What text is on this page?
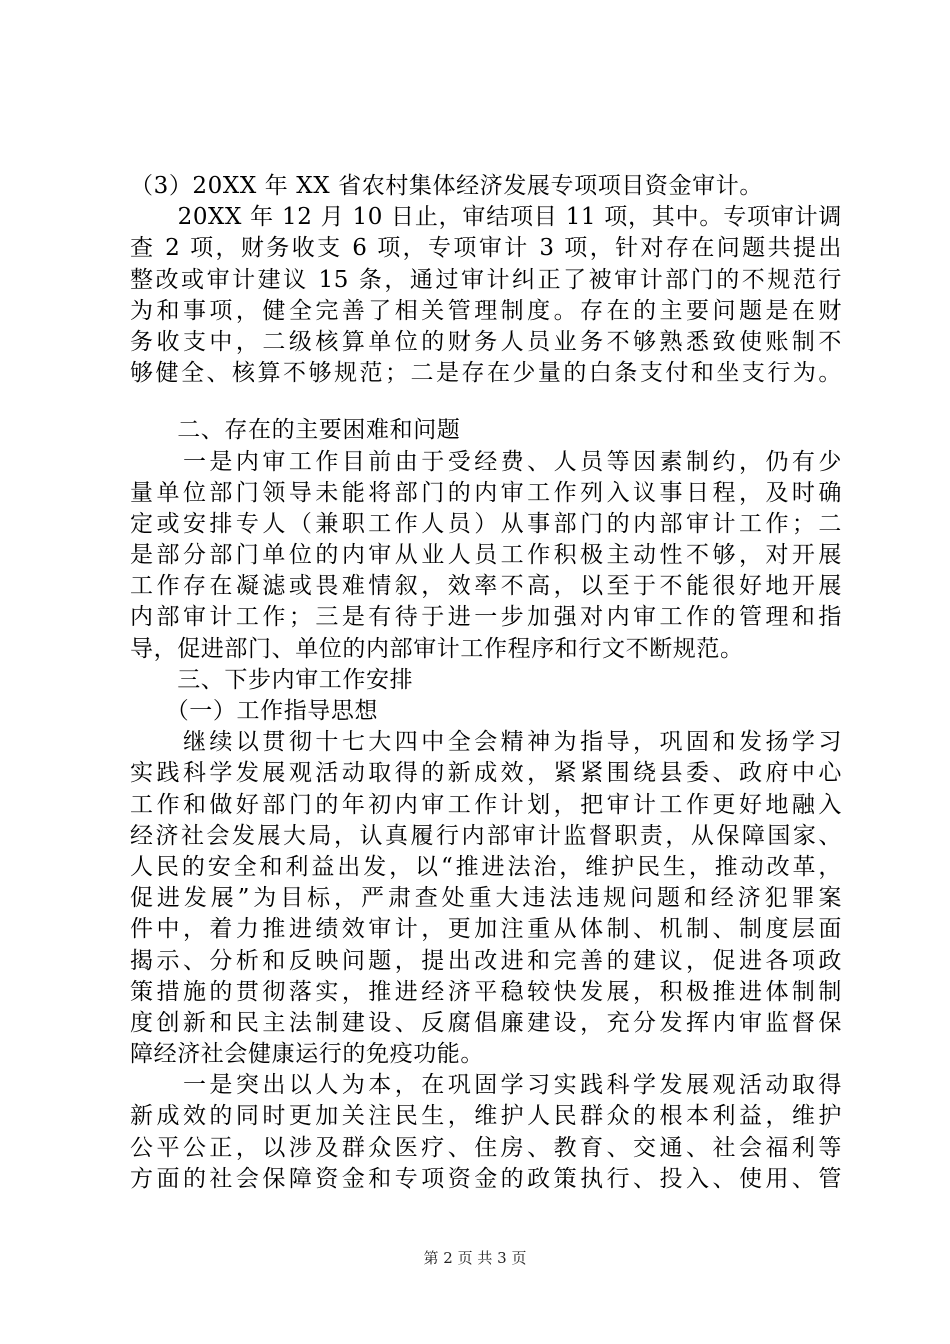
（3）20XX 年 XX 省农村集体经济发展专项项目资金审计。
　　20XX 年 12 月 10 日止，审结项目 11 项，其中。专项审计调
查 2 项，财务收支 6 项，专项审计 3 项，针对存在问题共提出
整改或审计建议 15 条，通过审计纠正了被审计部门的不规范行
为和事项，健全完善了相关管理制度。存在的主要问题是在财
务收支中，二级核算单位的财务人员业务不够熟悉致使账制不
够健全、核算不够规范；二是存在少量的白条支付和坐支行为。
　　二、存在的主要困难和问题
　　一是内审工作目前由于受经费、人员等因素制约，仍有少
量单位部门领导未能将部门的内审工作列入议事日程，及时确
定或安排专人（兼职工作人员）从事部门的内部审计工作；二
是部分部门单位的内审从业人员工作积极主动性不够，对开展
工作存在凝滤或畏难情叙，效率不高，以至于不能很好地开展
内部审计工作；三是有待于进一步加强对内审工作的管理和指
导，促进部门、单位的内部审计工作程序和行文不断规范。
　　三、下步内审工作安排
　　（一）工作指导思想
　　继续以贯彻十七大四中全会精神为指导，巩固和发扬学习
实践科学发展观活动取得的新成效，紧紧围绕县委、政府中心
工作和做好部门的年初内审工作计划，把审计工作更好地融入
经济社会发展大局，认真履行内部审计监督职责，从保障国家、
人民的安全和利益出发，以“推进法治，维护民生，推动改革，
促进发展”为目标，严肃查处重大违法违规问题和经济犯罪案
件中，着力推进绩效审计，更加注重从体制、机制、制度层面
揭示、分析和反映问题，提出改进和完善的建议，促进各项政
策措施的贯彻落实，推进经济平稳较快发展，积极推进体制制
度创新和民主法制建设、反腐倡廉建设，充分发挥内审监督保
障经济社会健康运行的免疫功能。
　　一是突出以人为本，在巩固学习实践科学发展观活动取得
新成效的同时更加关注民生，维护人民群众的根本利益，维护
公平公正，以涉及群众医疗、住房、教育、交通、社会福利等
方面的社会保障资金和专项资金的政策执行、投入、使用、管
第 2 页 共 3 页
